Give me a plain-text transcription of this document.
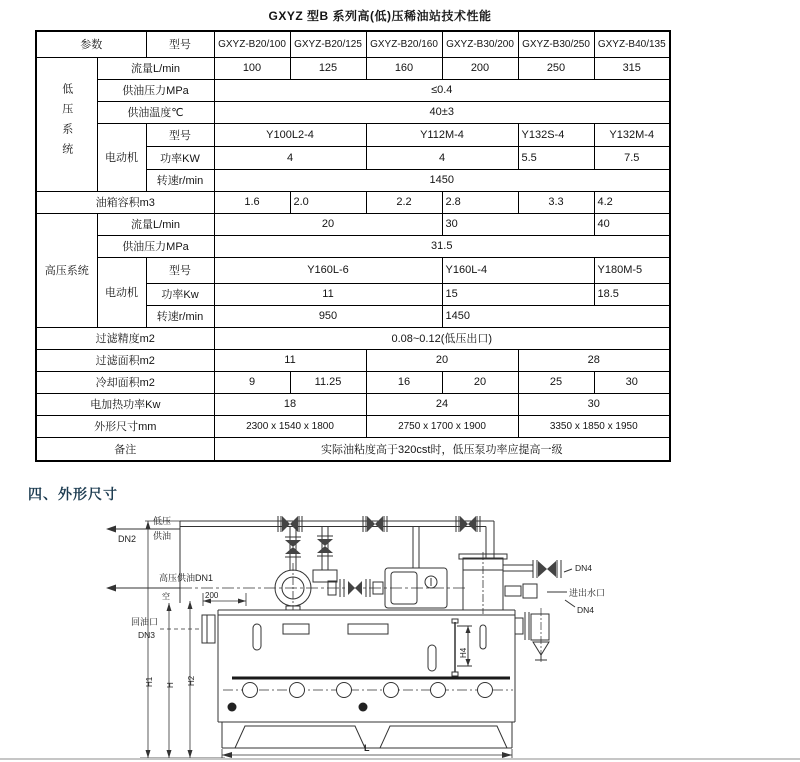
GXYZ 型B 系列高(低)压稀油站技术性能
参数		型号	GXYZ-B20/100	GXYZ-B20/125	GXYZ-B20/160	GXYZ-B30/200	GXYZ-B30/250	GXYZ-B40/135
低压系统	流量L/min		100	125	160	200	250	315
	供油压力MPa		≤0.4					
	供油温度℃		40±3					
	电动机	型号	Y100L2-4		Y112M-4		Y132S-4	Y132M-4
		功率KW	4		4		5.5	7.5
		转速r/min	1450					
油箱容积m3			1.6	2.0	2.2	2.8	3.3	4.2
高压系统	流量L/min		20			30		40
	供油压力MPa		31.5					
	电动机	型号	Y160L-6			Y160L-4		Y180M-5
		功率Kw	11			15		18.5
		转速r/min	950			1450		
过滤精度m2			0.08~0.12(低压出口)					
过滤面积m2			11		20		28	
冷却面积m2			9	11.25	16	20	25	30
电加热功率Kw			18		24		30	
外形尺寸mm			2300 x 1540 x 1800		2750 x 1700 x 1900		3350 x 1850 x 1950	
备注			实际油粘度高于320cst时，低压泵功率应提高一级					
四、外形尺寸
低压
供油
DN2
高压供油DN1
空	200
回油口
DN3
H1 H H2
H4
DN4
进出水口
DN4
L
